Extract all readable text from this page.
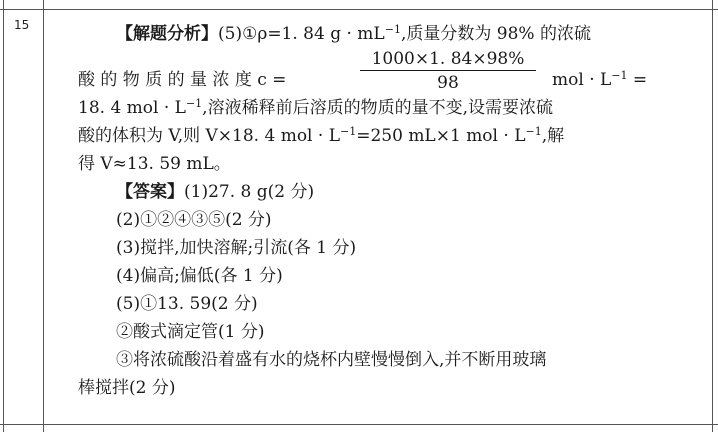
15	【解题分析】(5)①ρ=1. 84 $g \cdot mL^{-1}$,质量分数为 98% 的浓硫
酸 的 物 质 的 量 浓 度 c =	$\frac{1000\times 1. 84\times 98\%}{98}$ mol · $L^{-1}$ =
18. 4 mol · $L^{-1}$,溶液稀释前后溶质的物质的量不变,设需要浓硫
酸的体积为 V,则 V×18. 4 mol · $L^{-1}=250$ mL×1 mol · $L^{-1}$,解
得 V≈13. 59 mL。
【答案】(1)27. 8 g(2 分)
(2)①②④③⑤(2 分)
(3)搅拌,加快溶解;引流(各 1 分)
(4)偏高;偏低(各 1 分)
(5)①13. 59(2 分)
②酸式滴定管(1 分)
③将浓硫酸沿着盛有水的烧杯内壁慢慢倒入,并不断用玻璃
棒搅拌(2 分)
